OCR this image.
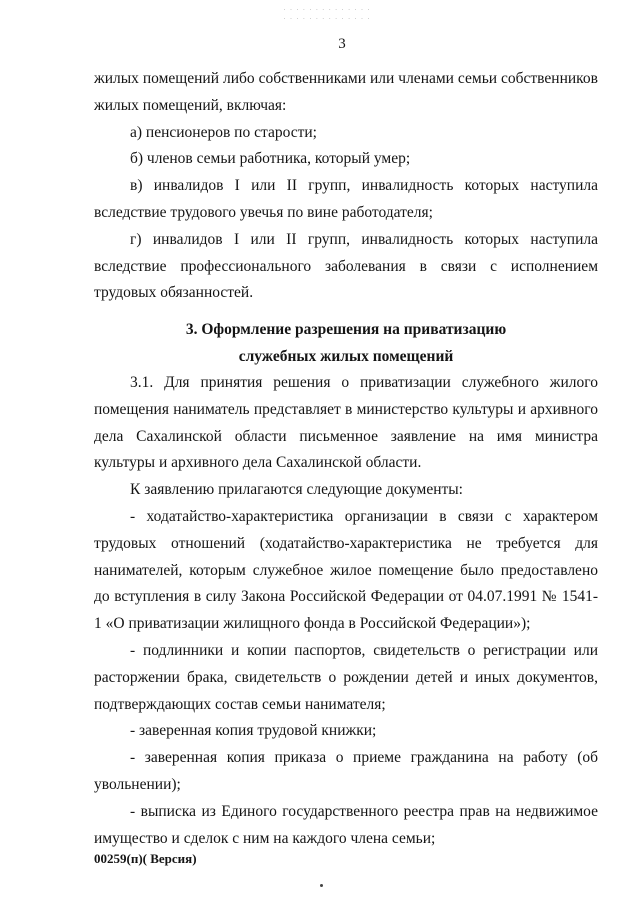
· · · · · · · · · · · · · ·
· · · · · · · · · · · · · ·
3

жилых помещений либо собственниками или членами семьи собственников жилых помещений, включая:

а) пенсионеров по старости;

б) членов семьи работника, который умер;

в) инвалидов I или II групп, инвалидность которых наступила вследствие трудового увечья по вине работодателя;

г) инвалидов I или II групп, инвалидность которых наступила вследствие профессионального заболевания в связи с исполнением трудовых обязанностей.

3. Оформление разрешения на приватизацию

служебных жилых помещений

3.1. Для принятия решения о приватизации служебного жилого помещения наниматель представляет в министерство культуры и архивного дела Сахалинской области письменное заявление на имя министра культуры и архивного дела Сахалинской области.

К заявлению прилагаются следующие документы:

- ходатайство-характеристика организации в связи с характером трудовых отношений (ходатайство-характеристика не требуется для нанимателей, которым служебное жилое помещение было предоставлено до вступления в силу Закона Российской Федерации от 04.07.1991 № 1541-1 «О приватизации жилищного фонда в Российской Федерации»);

- подлинники и копии паспортов, свидетельств о регистрации или расторжении брака, свидетельств о рождении детей и иных документов, подтверждающих состав семьи нанимателя;

- заверенная копия трудовой книжки;

- заверенная копия приказа о приеме гражданина на работу (об увольнении);

- выписка из Единого государственного реестра прав на недвижимое имущество и сделок с ним на каждого члена семьи;

00259(п)( Версия)
